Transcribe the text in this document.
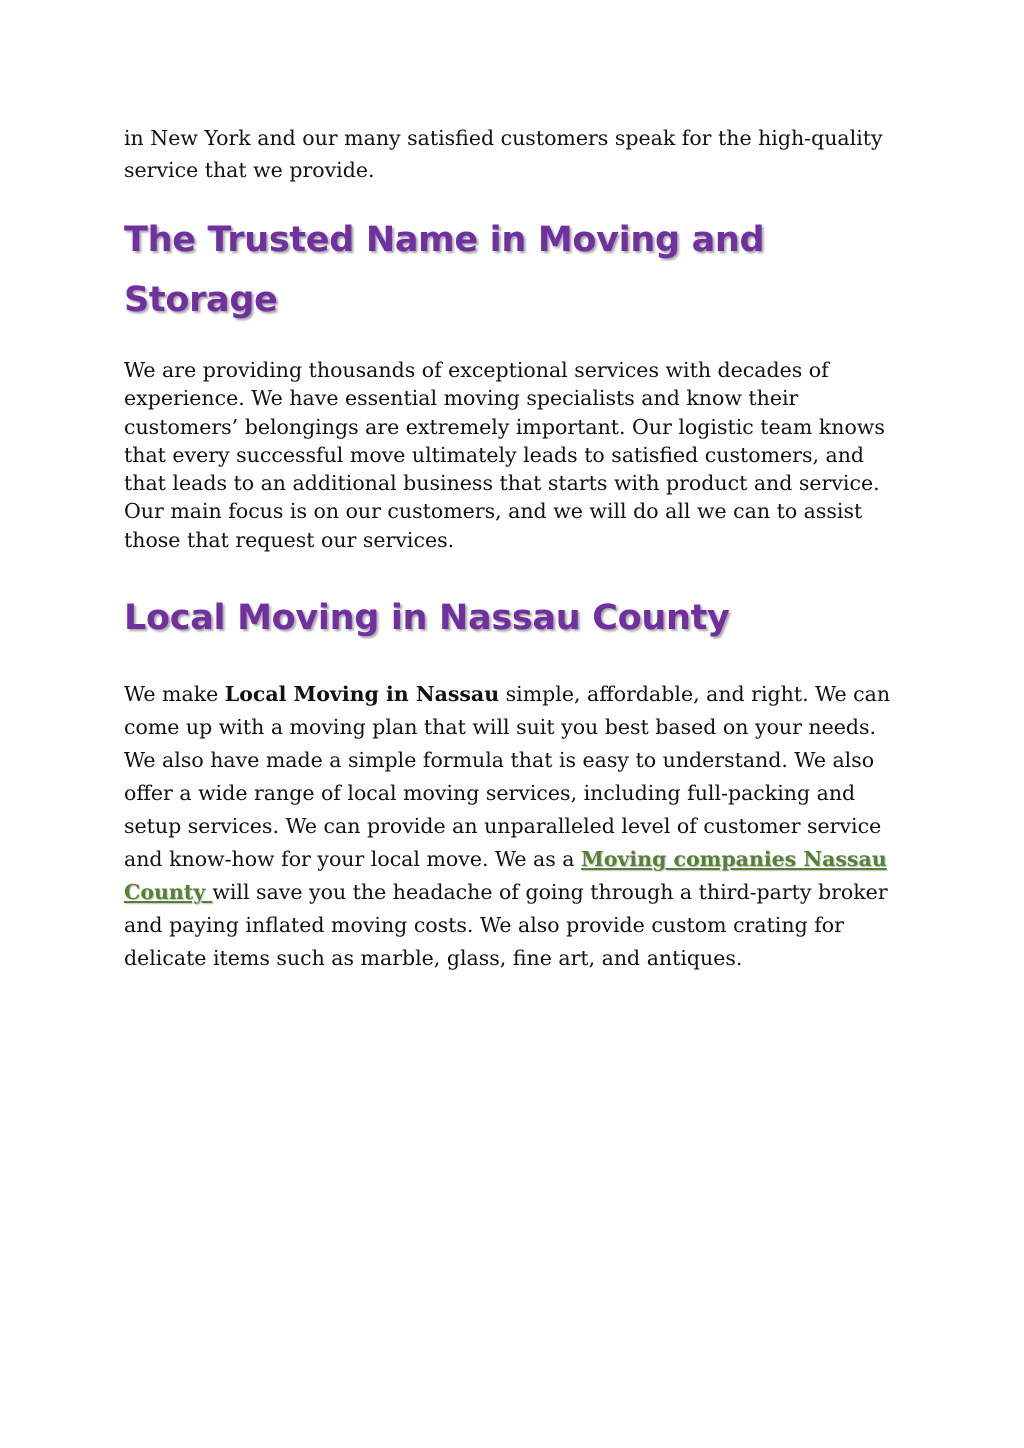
in New York and our many satisfied customers speak for the high-quality service that we provide.

The Trusted Name in Moving and Storage

We are providing thousands of exceptional services with decades of experience. We have essential moving specialists and know their customers’ belongings are extremely important. Our logistic team knows that every successful move ultimately leads to satisfied customers, and that leads to an additional business that starts with product and service. Our main focus is on our customers, and we will do all we can to assist those that request our services.

Local Moving in Nassau County

We make Local Moving in Nassau simple, affordable, and right. We can come up with a moving plan that will suit you best based on your needs. We also have made a simple formula that is easy to understand. We also offer a wide range of local moving services, including full-packing and setup services. We can provide an unparalleled level of customer service and know-how for your local move. We as a Moving companies Nassau County will save you the headache of going through a third-party broker and paying inflated moving costs. We also provide custom crating for delicate items such as marble, glass, fine art, and antiques.
